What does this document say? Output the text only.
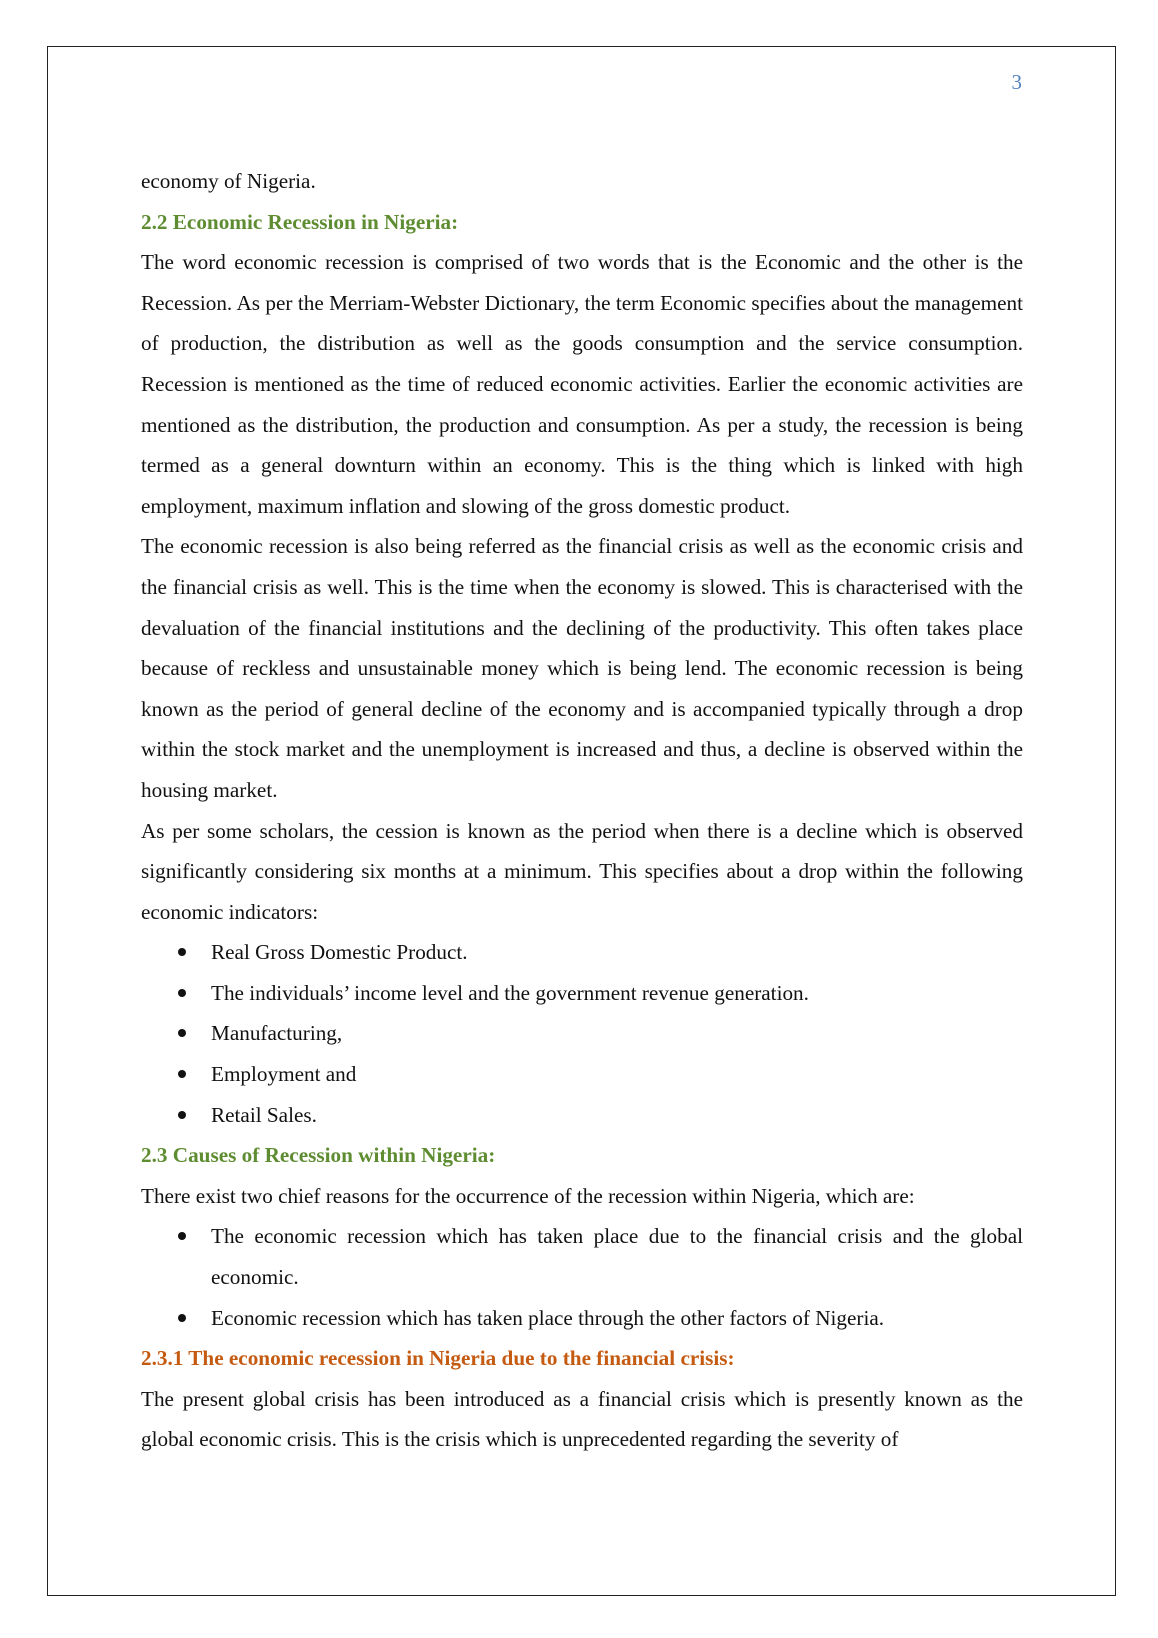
3

economy of Nigeria.

2.2 Economic Recession in Nigeria:

The word economic recession is comprised of two words that is the Economic and the other is the Recession. As per the Merriam-Webster Dictionary, the term Economic specifies about the management of production, the distribution as well as the goods consumption and the service consumption. Recession is mentioned as the time of reduced economic activities. Earlier the economic activities are mentioned as the distribution, the production and consumption. As per a study, the recession is being termed as a general downturn within an economy. This is the thing which is linked with high employment, maximum inflation and slowing of the gross domestic product.

The economic recession is also being referred as the financial crisis as well as the economic crisis and the financial crisis as well. This is the time when the economy is slowed. This is characterised with the devaluation of the financial institutions and the declining of the productivity. This often takes place because of reckless and unsustainable money which is being lend. The economic recession is being known as the period of general decline of the economy and is accompanied typically through a drop within the stock market and the unemployment is increased and thus, a decline is observed within the housing market.

As per some scholars, the cession is known as the period when there is a decline which is observed significantly considering six months at a minimum. This specifies about a drop within the following economic indicators:

Real Gross Domestic Product.
The individuals’ income level and the government revenue generation.
Manufacturing,
Employment and
Retail Sales.
2.3 Causes of Recession within Nigeria:

There exist two chief reasons for the occurrence of the recession within Nigeria, which are:

The economic recession which has taken place due to the financial crisis and the global economic.
Economic recession which has taken place through the other factors of Nigeria.
2.3.1 The economic recession in Nigeria due to the financial crisis:

The present global crisis has been introduced as a financial crisis which is presently known as the global economic crisis. This is the crisis which is unprecedented regarding the severity of
